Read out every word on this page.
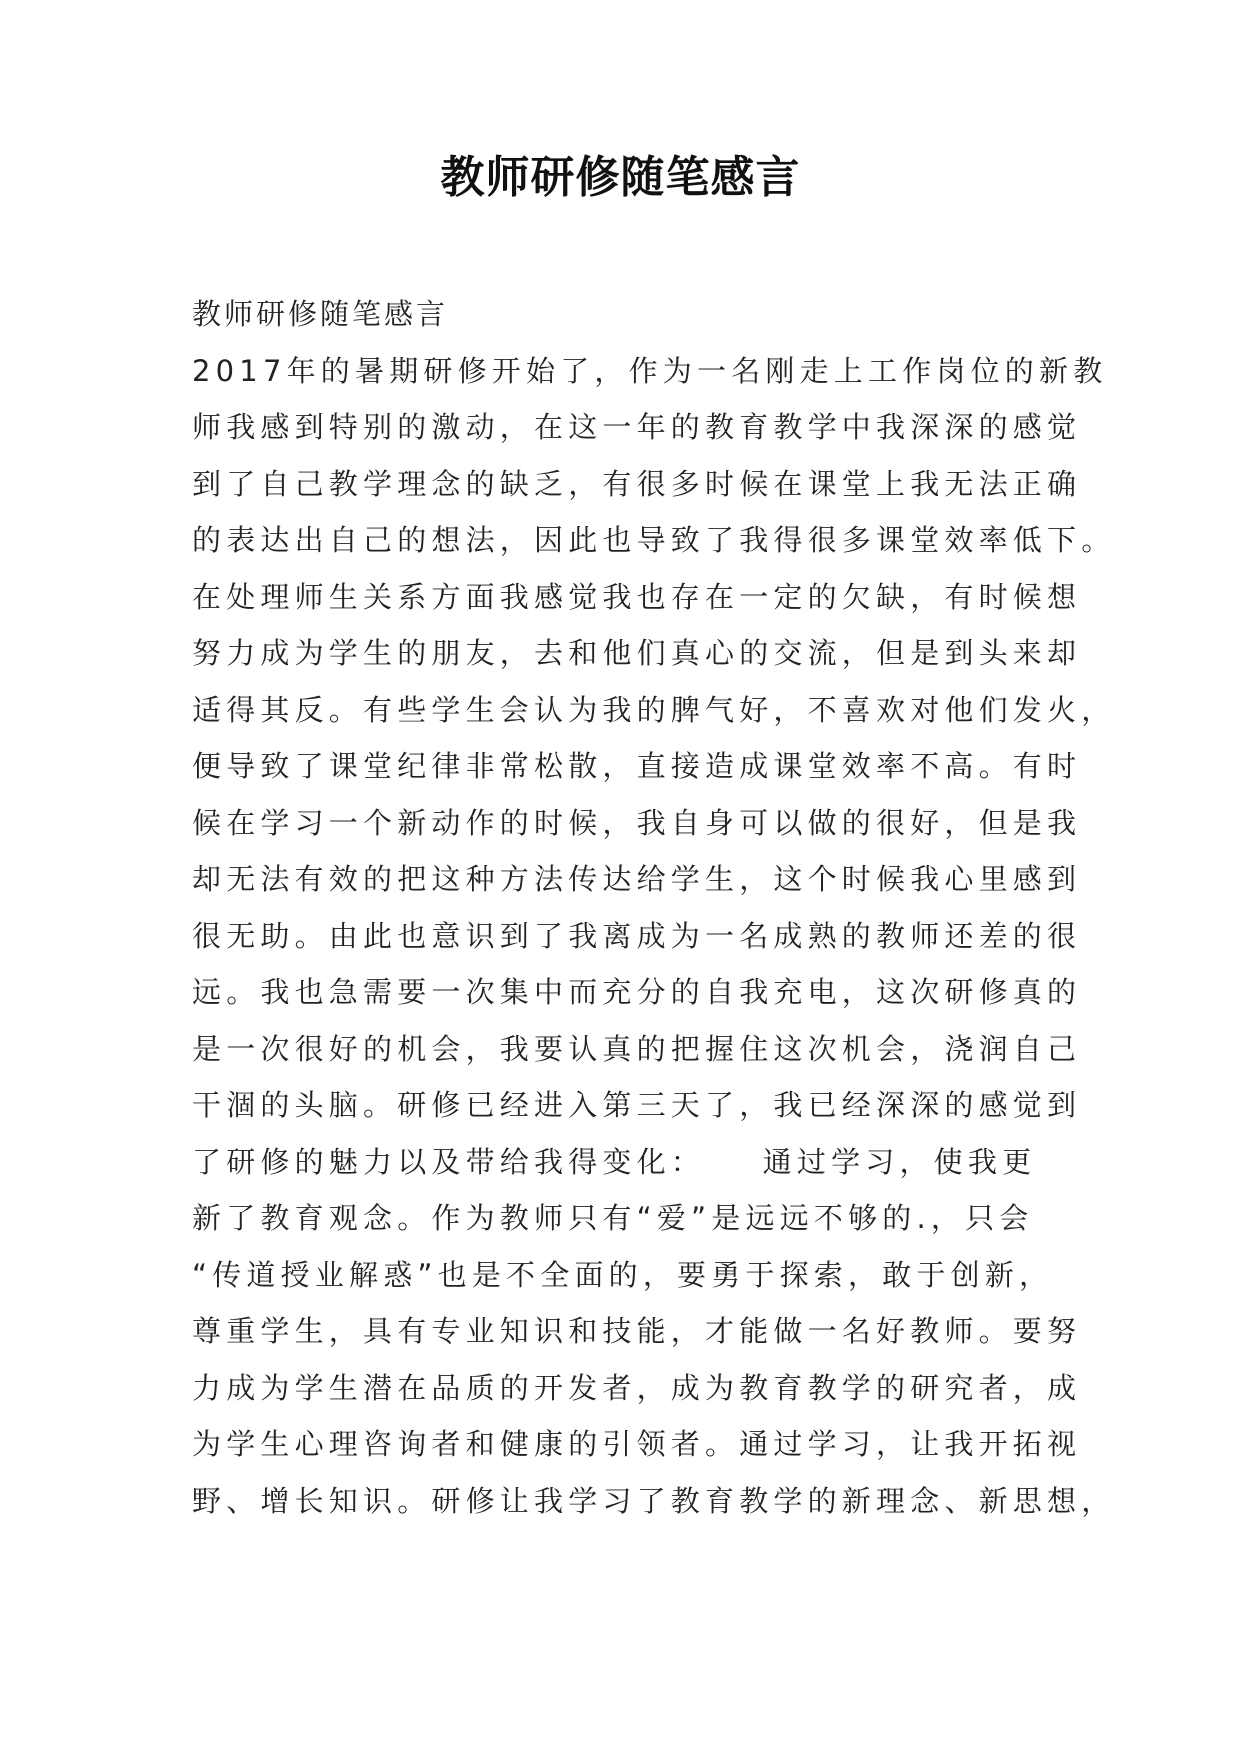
教师研修随笔感言
教师研修随笔感言
2017年的暑期研修开始了，作为一名刚走上工作岗位的新教
师我感到特别的激动，在这一年的教育教学中我深深的感觉
到了自己教学理念的缺乏，有很多时候在课堂上我无法正确
的表达出自己的想法，因此也导致了我得很多课堂效率低下。
在处理师生关系方面我感觉我也存在一定的欠缺，有时候想
努力成为学生的朋友，去和他们真心的交流，但是到头来却
适得其反。有些学生会认为我的脾气好，不喜欢对他们发火，
便导致了课堂纪律非常松散，直接造成课堂效率不高。有时
候在学习一个新动作的时候，我自身可以做的很好，但是我
却无法有效的把这种方法传达给学生，这个时候我心里感到
很无助。由此也意识到了我离成为一名成熟的教师还差的很
远。我也急需要一次集中而充分的自我充电，这次研修真的
是一次很好的机会，我要认真的把握住这次机会，浇润自己
干涸的头脑。研修已经进入第三天了，我已经深深的感觉到
了研修的魅力以及带给我得变化：    通过学习，使我更
新了教育观念。作为教师只有“爱”是远远不够的.，只会
“传道授业解惑”也是不全面的，要勇于探索，敢于创新，
尊重学生，具有专业知识和技能，才能做一名好教师。要努
力成为学生潜在品质的开发者，成为教育教学的研究者，成
为学生心理咨询者和健康的引领者。通过学习，让我开拓视
野、增长知识。研修让我学习了教育教学的新理念、新思想，
